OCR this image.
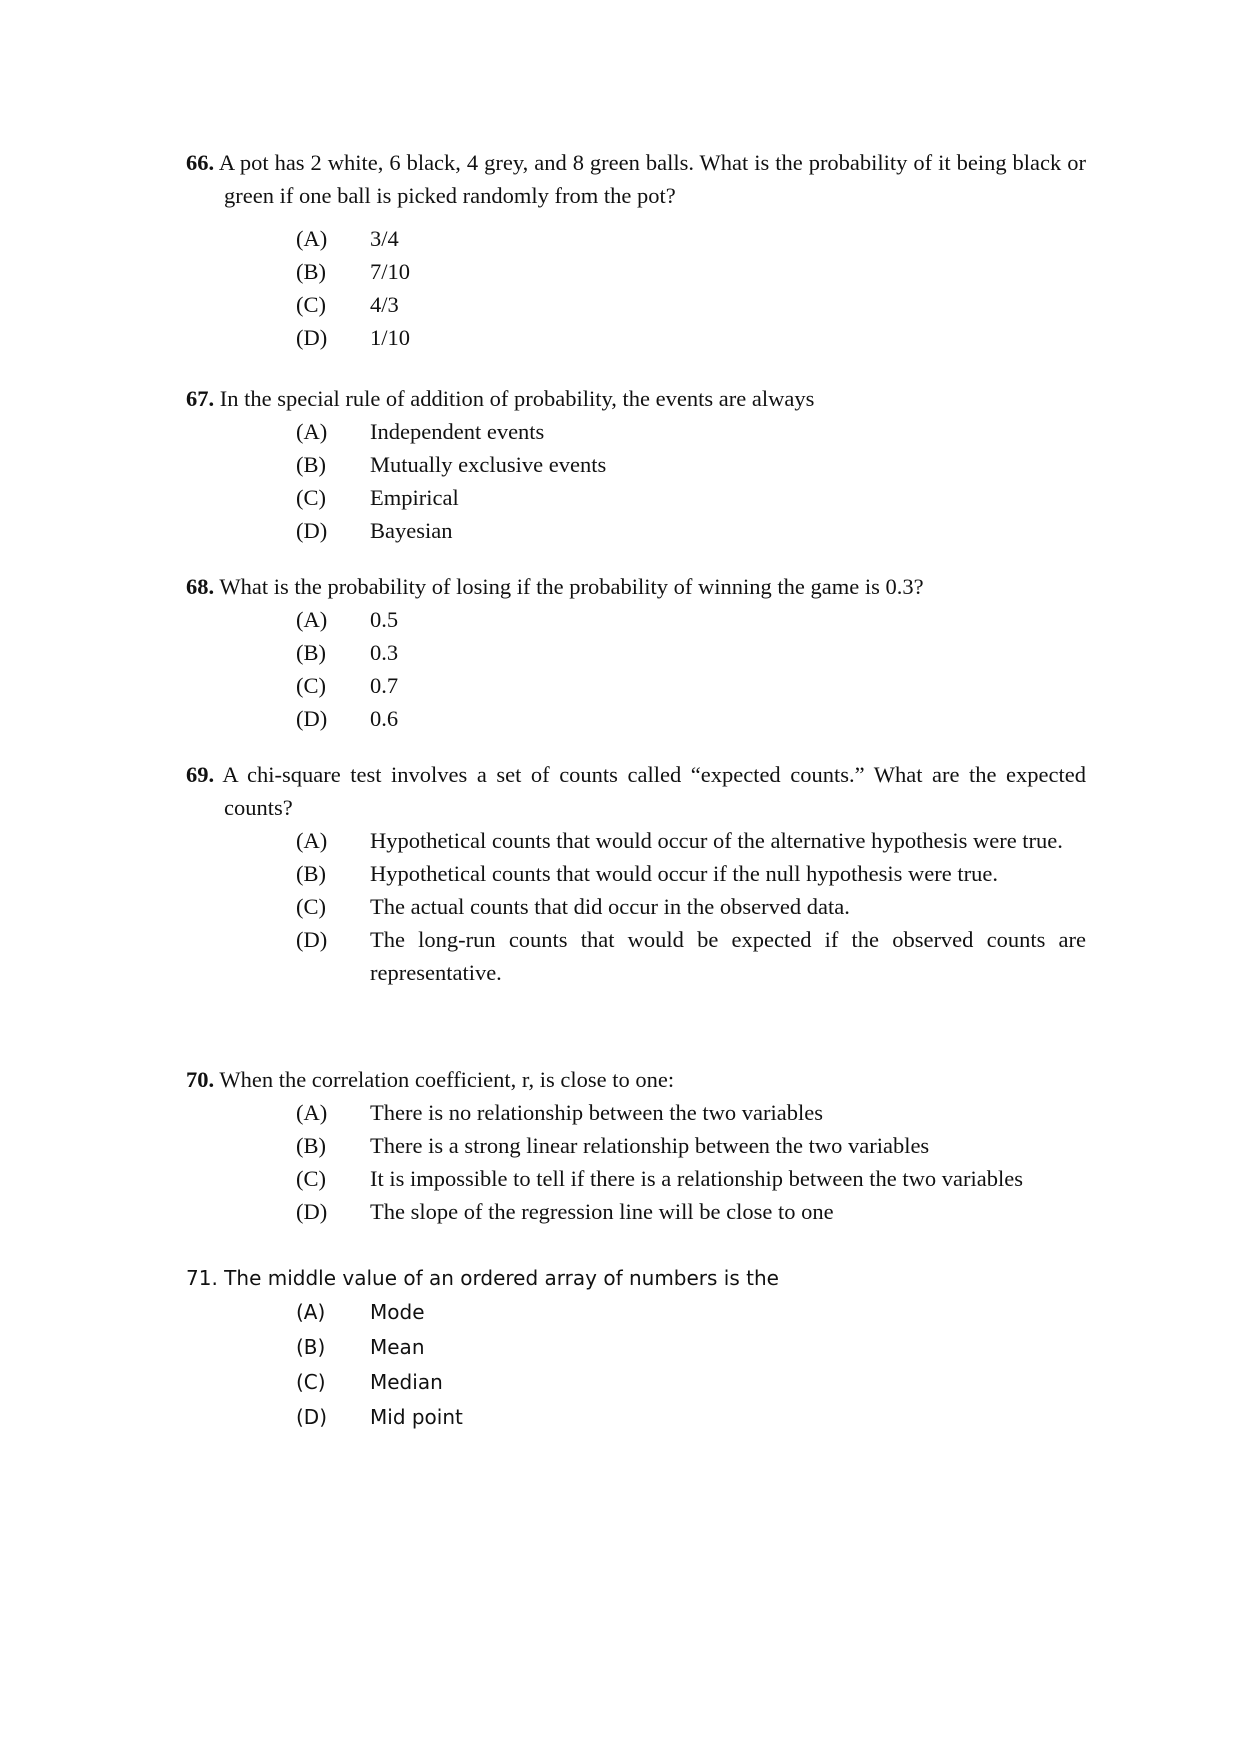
66. A pot has 2 white, 6 black, 4 grey, and 8 green balls. What is the probability of it being black or green if one ball is picked randomly from the pot?
(A)	3/4
(B)	7/10
(C)	4/3
(D)	1/10
67. In the special rule of addition of probability, the events are always
(A)	Independent events
(B)	Mutually exclusive events
(C)	Empirical
(D)	Bayesian
68. What is the probability of losing if the probability of winning the game is 0.3?
(A)	0.5
(B)	0.3
(C)	0.7
(D)	0.6
69. A chi-square test involves a set of counts called “expected counts.” What are the expected counts?
(A)	Hypothetical counts that would occur of the alternative hypothesis were true.
(B)	Hypothetical counts that would occur if the null hypothesis were true.
(C)	The actual counts that did occur in the observed data.
(D)	The long-run counts that would be expected if the observed counts are representative.
70. When the correlation coefficient, r, is close to one:
(A)	There is no relationship between the two variables
(B)	There is a strong linear relationship between the two variables
(C)	It is impossible to tell if there is a relationship between the two variables
(D)	The slope of the regression line will be close to one
71. The middle value of an ordered array of numbers is the
(A)	Mode
(B)	Mean
(C)	Median
(D)	Mid point
